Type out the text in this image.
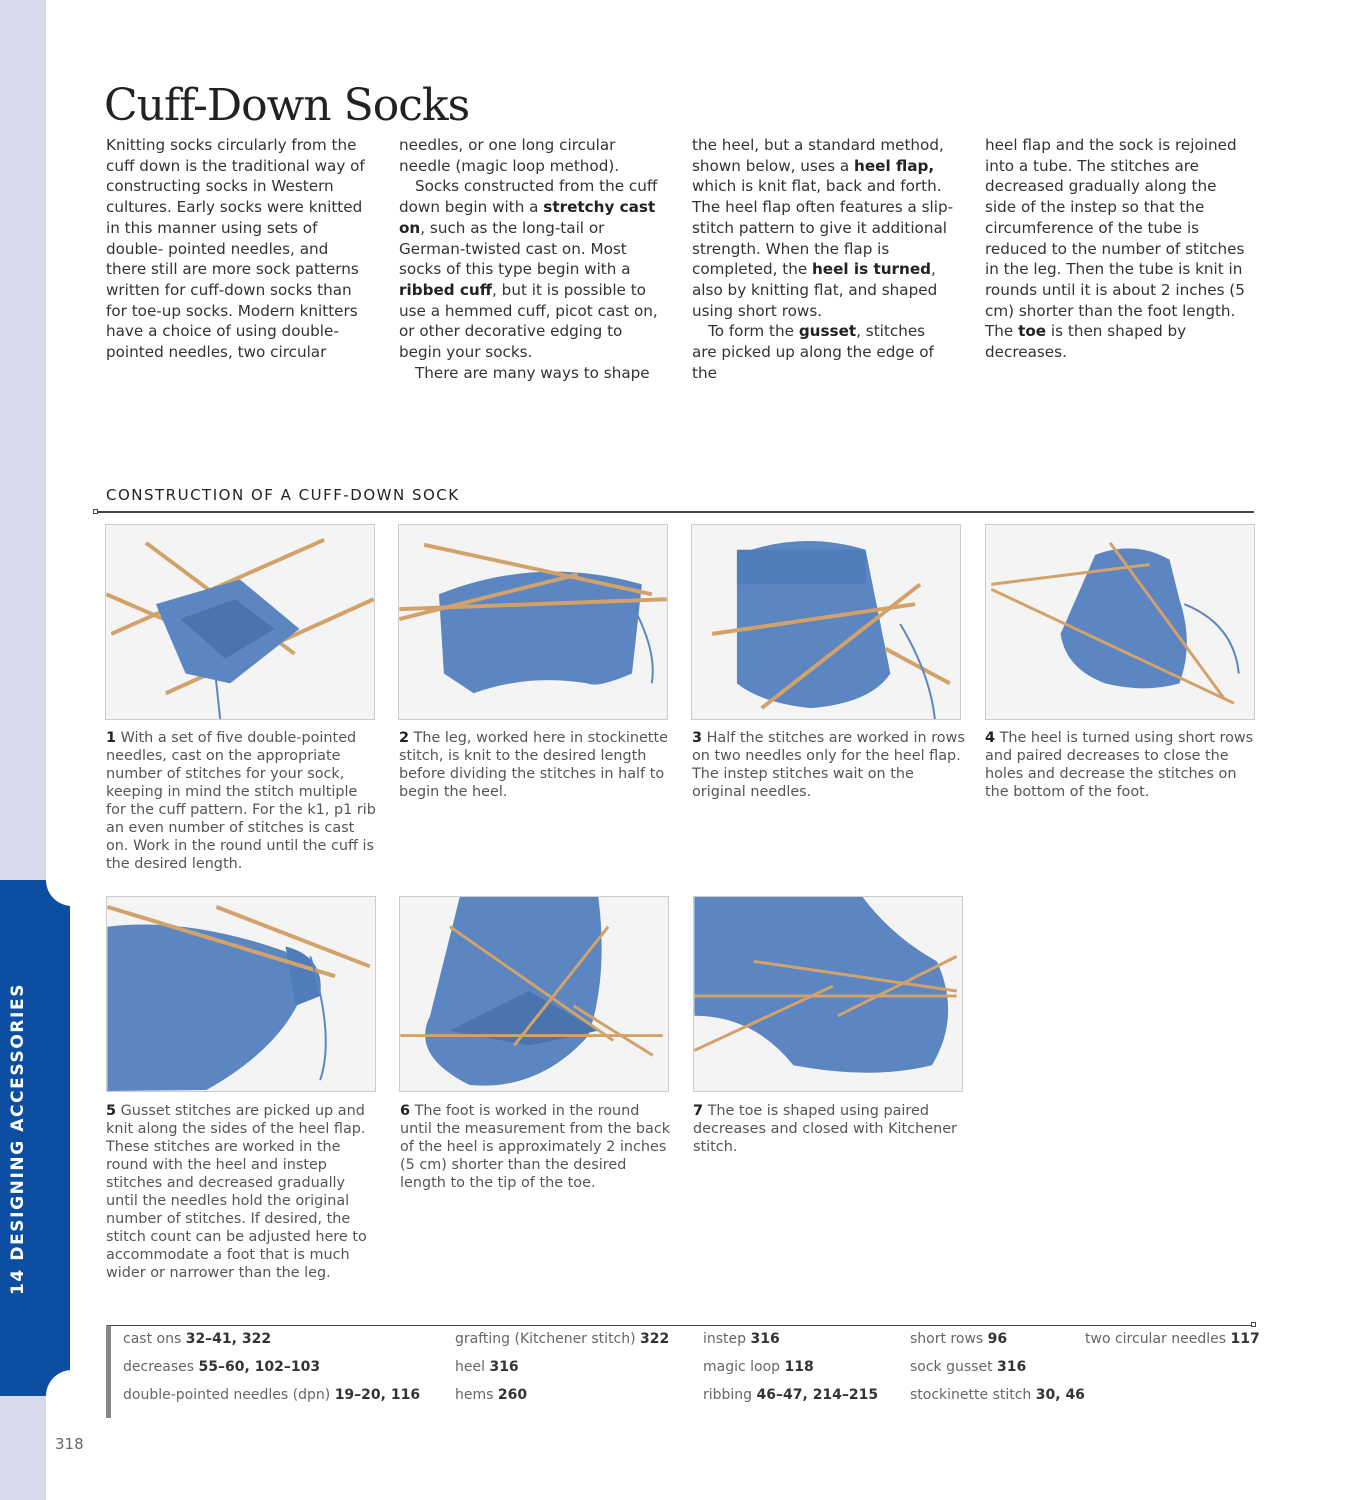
14 DESIGNING ACCESSORIES
318
Cuff-Down Socks

Knitting socks circularly from the cuff down is the traditional way of constructing socks in Western cultures. Early socks were knitted in this manner using sets of double- pointed needles, and there still are more sock patterns written for cuff-down socks than for toe-up socks. Modern knitters have a choice of using double-pointed needles, two circular

needles, or one long circular needle (magic loop method).

Socks constructed from the cuff down begin with a stretchy cast on, such as the long-tail or German-twisted cast on. Most socks of this type begin with a ribbed cuff, but it is possible to use a hemmed cuff, picot cast on, or other decorative edging to begin your socks.

There are many ways to shape

the heel, but a standard method, shown below, uses a heel flap, which is knit flat, back and forth. The heel flap often features a slip-stitch pattern to give it additional strength. When the flap is completed, the heel is turned, also by knitting flat, and shaped using short rows.

To form the gusset, stitches are picked up along the edge of the

heel flap and the sock is rejoined into a tube. The stitches are decreased gradually along the side of the instep so that the circumference of the tube is reduced to the number of stitches in the leg. Then the tube is knit in rounds until it is about 2 inches (5 cm) shorter than the foot length. The toe is then shaped by decreases.

CONSTRUCTION OF A CUFF-DOWN SOCK
1 With a set of five double-pointed needles, cast on the appropriate number of stitches for your sock, keeping in mind the stitch multiple for the cuff pattern. For the k1, p1 rib an even number of stitches is cast on. Work in the round until the cuff is the desired length.
2 The leg, worked here in stockinette stitch, is knit to the desired length before dividing the stitches in half to begin the heel.
3 Half the stitches are worked in rows on two needles only for the heel flap. The instep stitches wait on the original needles.
4 The heel is turned using short rows and paired decreases to close the holes and decrease the stitches on the bottom of the foot.
5 Gusset stitches are picked up and knit along the sides of the heel flap. These stitches are worked in the round with the heel and instep stitches and decreased gradually until the needles hold the original number of stitches. If desired, the stitch count can be adjusted here to accommodate a foot that is much wider or narrower than the leg.
6 The foot is worked in the round until the measurement from the back of the heel is approximately 2 inches (5 cm) shorter than the desired length to the tip of the toe.
7 The toe is shaped using paired decreases and closed with Kitchener stitch.
cast ons 32–41, 322
decreases 55–60, 102–103
double-pointed needles (dpn) 19–20, 116
grafting (Kitchener stitch) 322
heel 316
hems 260
instep 316
magic loop 118
ribbing 46–47, 214–215
short rows 96
sock gusset 316
stockinette stitch 30, 46
two circular needles 117
